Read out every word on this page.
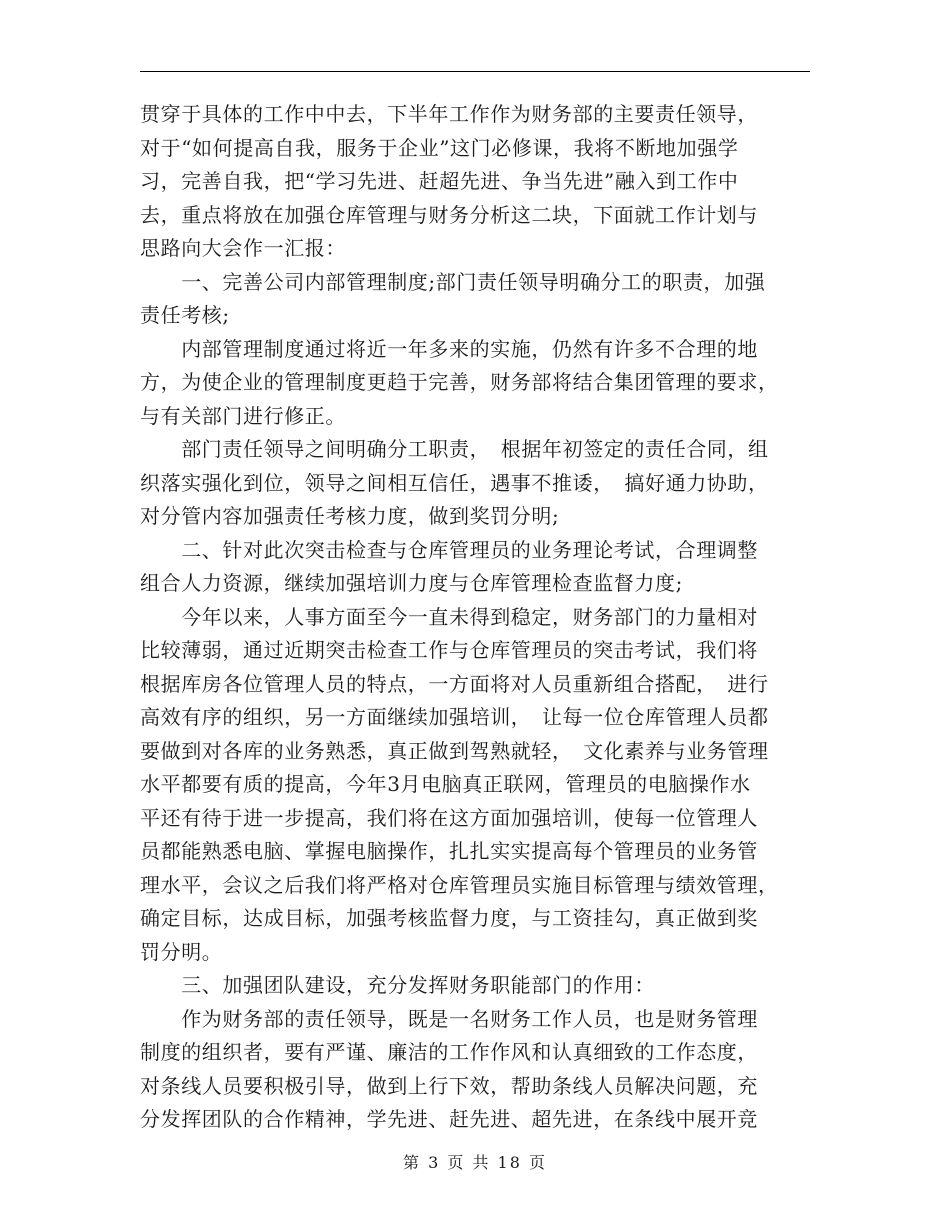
贯穿于具体的工作中中去，下半年工作作为财务部的主要责任领导，
对于“如何提高自我，服务于企业”这门必修课，我将不断地加强学
习，完善自我，把“学习先进、赶超先进、争当先进”融入到工作中
去，重点将放在加强仓库管理与财务分析这二块，下面就工作计划与
思路向大会作一汇报：
　　一、完善公司内部管理制度;部门责任领导明确分工的职责，加强
责任考核;
　　内部管理制度通过将近一年多来的实施，仍然有许多不合理的地
方，为使企业的管理制度更趋于完善，财务部将结合集团管理的要求，
与有关部门进行修正。
　　部门责任领导之间明确分工职责，　根据年初签定的责任合同，组
织落实强化到位，领导之间相互信任，遇事不推诿，　搞好通力协助，
对分管内容加强责任考核力度，做到奖罚分明;
　　二、针对此次突击检查与仓库管理员的业务理论考试，合理调整
组合人力资源，继续加强培训力度与仓库管理检查监督力度;
　　今年以来，人事方面至今一直未得到稳定，财务部门的力量相对
比较薄弱，通过近期突击检查工作与仓库管理员的突击考试，我们将
根据库房各位管理人员的特点，一方面将对人员重新组合搭配，　进行
高效有序的组织，另一方面继续加强培训，　让每一位仓库管理人员都
要做到对各库的业务熟悉，真正做到驾熟就轻，　文化素养与业务管理
水平都要有质的提高，今年3月电脑真正联网，管理员的电脑操作水
平还有待于进一步提高，我们将在这方面加强培训，使每一位管理人
员都能熟悉电脑、掌握电脑操作，扎扎实实提高每个管理员的业务管
理水平，会议之后我们将严格对仓库管理员实施目标管理与绩效管理，
确定目标，达成目标，加强考核监督力度，与工资挂勾，真正做到奖
罚分明。
　　三、加强团队建设，充分发挥财务职能部门的作用：
　　作为财务部的责任领导，既是一名财务工作人员，也是财务管理
制度的组织者，要有严谨、廉洁的工作作风和认真细致的工作态度，
对条线人员要积极引导，做到上行下效，帮助条线人员解决问题，充
分发挥团队的合作精神，学先进、赶先进、超先进，在条线中展开竞
第 3 页 共 18 页
